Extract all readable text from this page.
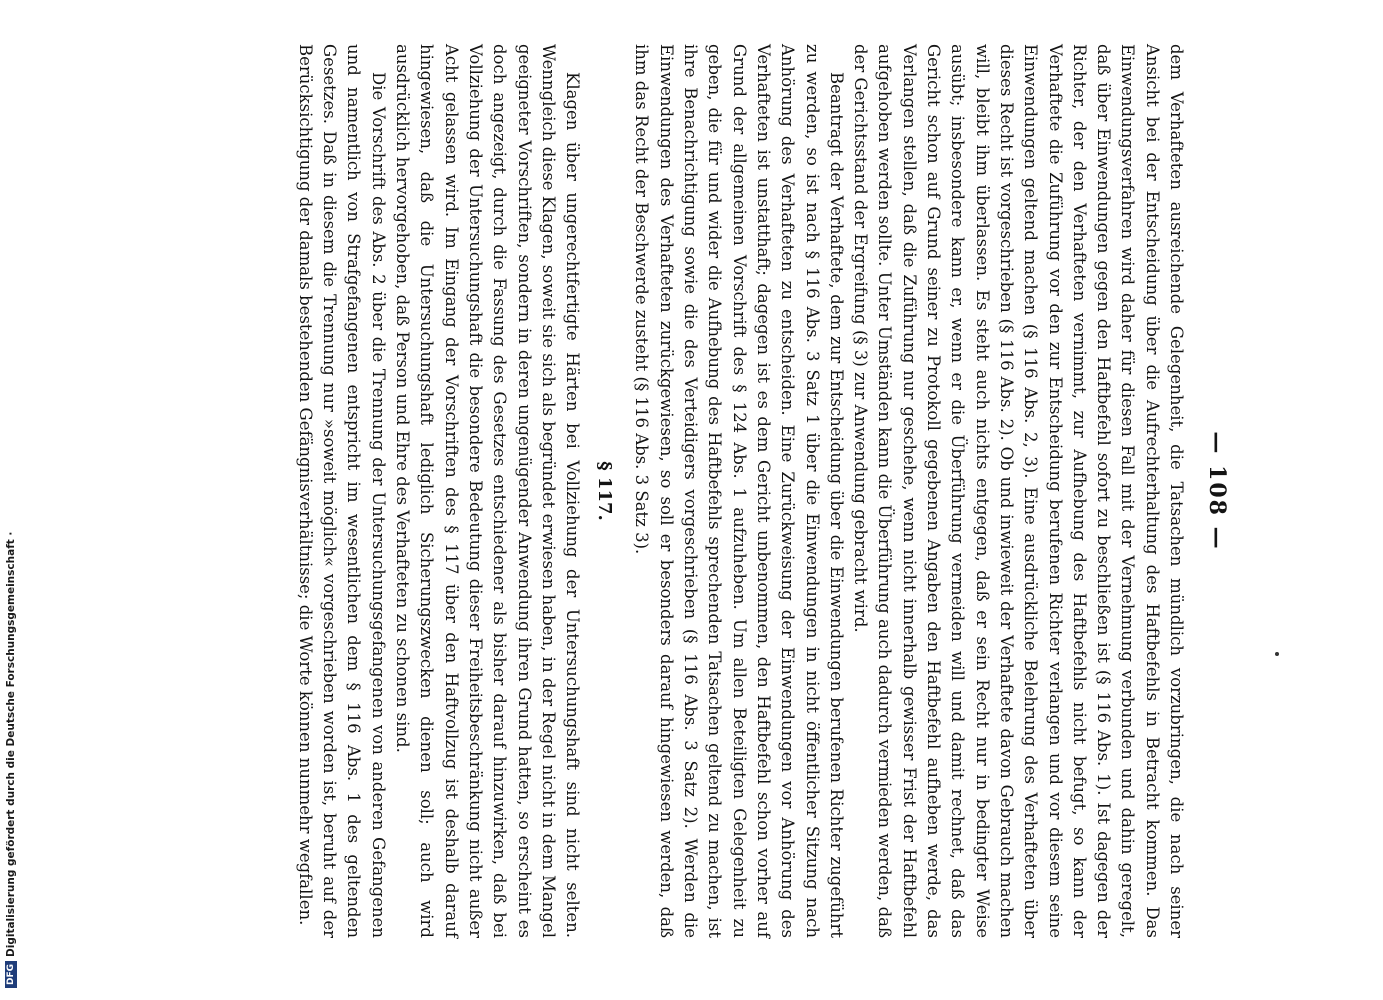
— 108 —

dem Verhafteten ausreichende Gelegenheit, die Tatsachen mündlich vorzubringen, die nach seiner Ansicht bei der Entscheidung über die Aufrechterhaltung des Haftbefehls in Betracht kommen. Das Einwendungsverfahren wird daher für diesen Fall mit der Vernehmung verbunden und dahin geregelt, daß über Einwendungen gegen den Haftbefehl sofort zu beschließen ist (§ 116 Abs. 1). Ist dagegen der Richter, der den Verhafteten vernimmt, zur Aufhebung des Haftbefehls nicht befugt, so kann der Verhaftete die Zuführung vor den zur Entscheidung berufenen Richter verlangen und vor diesem seine Einwendungen geltend machen (§ 116 Abs. 2, 3). Eine ausdrückliche Belehrung des Verhafteten über dieses Recht ist vorgeschrieben (§ 116 Abs. 2). Ob und inwieweit der Verhaftete davon Gebrauch machen will, bleibt ihm überlassen. Es steht auch nichts entgegen, daß er sein Recht nur in bedingter Weise ausübt; insbesondere kann er, wenn er die Überführung vermeiden will und damit rechnet, daß das Gericht schon auf Grund seiner zu Protokoll gegebenen Angaben den Haftbefehl aufheben werde, das Verlangen stellen, daß die Zuführung nur geschehe, wenn nicht innerhalb gewisser Frist der Haftbefehl aufgehoben werden sollte. Unter Umständen kann die Überführung auch dadurch vermieden werden, daß der Gerichtsstand der Ergreifung (§ 3) zur Anwendung gebracht wird.

Beantragt der Verhaftete, dem zur Entscheidung über die Einwendungen berufenen Richter zugeführt zu werden, so ist nach § 116 Abs. 3 Satz 1 über die Einwendungen in nicht öffentlicher Sitzung nach Anhörung des Verhafteten zu entscheiden. Eine Zurückweisung der Einwendungen vor Anhörung des Verhafteten ist unstatthaft; dagegen ist es dem Gericht unbenommen, den Haftbefehl schon vorher auf Grund der allgemeinen Vorschrift des § 124 Abs. 1 aufzuheben. Um allen Beteiligten Gelegenheit zu geben, die für und wider die Aufhebung des Haftbefehls sprechenden Tatsachen geltend zu machen, ist ihre Benachrichtigung sowie die des Verteidigers vorgeschrieben (§ 116 Abs. 3 Satz 2). Werden die Einwendungen des Verhafteten zurückgewiesen, so soll er besonders darauf hingewiesen werden, daß ihm das Recht der Beschwerde zusteht (§ 116 Abs. 3 Satz 3).

§ 117.

Klagen über ungerechtfertigte Härten bei Vollziehung der Untersuchungshaft sind nicht selten. Wenngleich diese Klagen, soweit sie sich als begründet erwiesen haben, in der Regel nicht in dem Mangel geeigneter Vorschriften, sondern in deren ungenügender Anwendung ihren Grund hatten, so erscheint es doch angezeigt, durch die Fassung des Gesetzes entschiedener als bisher darauf hinzuwirken, daß bei Vollziehung der Untersuchungshaft die besondere Bedeutung dieser Freiheitsbeschränkung nicht außer Acht gelassen wird. Im Eingang der Vorschriften des § 117 über den Haftvollzug ist deshalb darauf hingewiesen, daß die Untersuchungshaft lediglich Sicherungszwecken dienen soll; auch wird ausdrücklich hervorgehoben, daß Person und Ehre des Verhafteten zu schonen sind.

Die Vorschrift des Abs. 2 über die Trennung der Untersuchungsgefangenen von anderen Gefangenen und namentlich von Strafgefangenen entspricht im wesentlichen dem § 116 Abs. 1 des geltenden Gesetzes. Daß in diesem die Trennung nur »soweit möglich« vorgeschrieben worden ist, beruht auf der Berücksichtigung der damals bestehenden Gefängnisverhältnisse; die Worte können nunmehr wegfallen.

DFG
Digitalisierung gefördert durch die Deutsche Forschungsgemeinschaft ·
